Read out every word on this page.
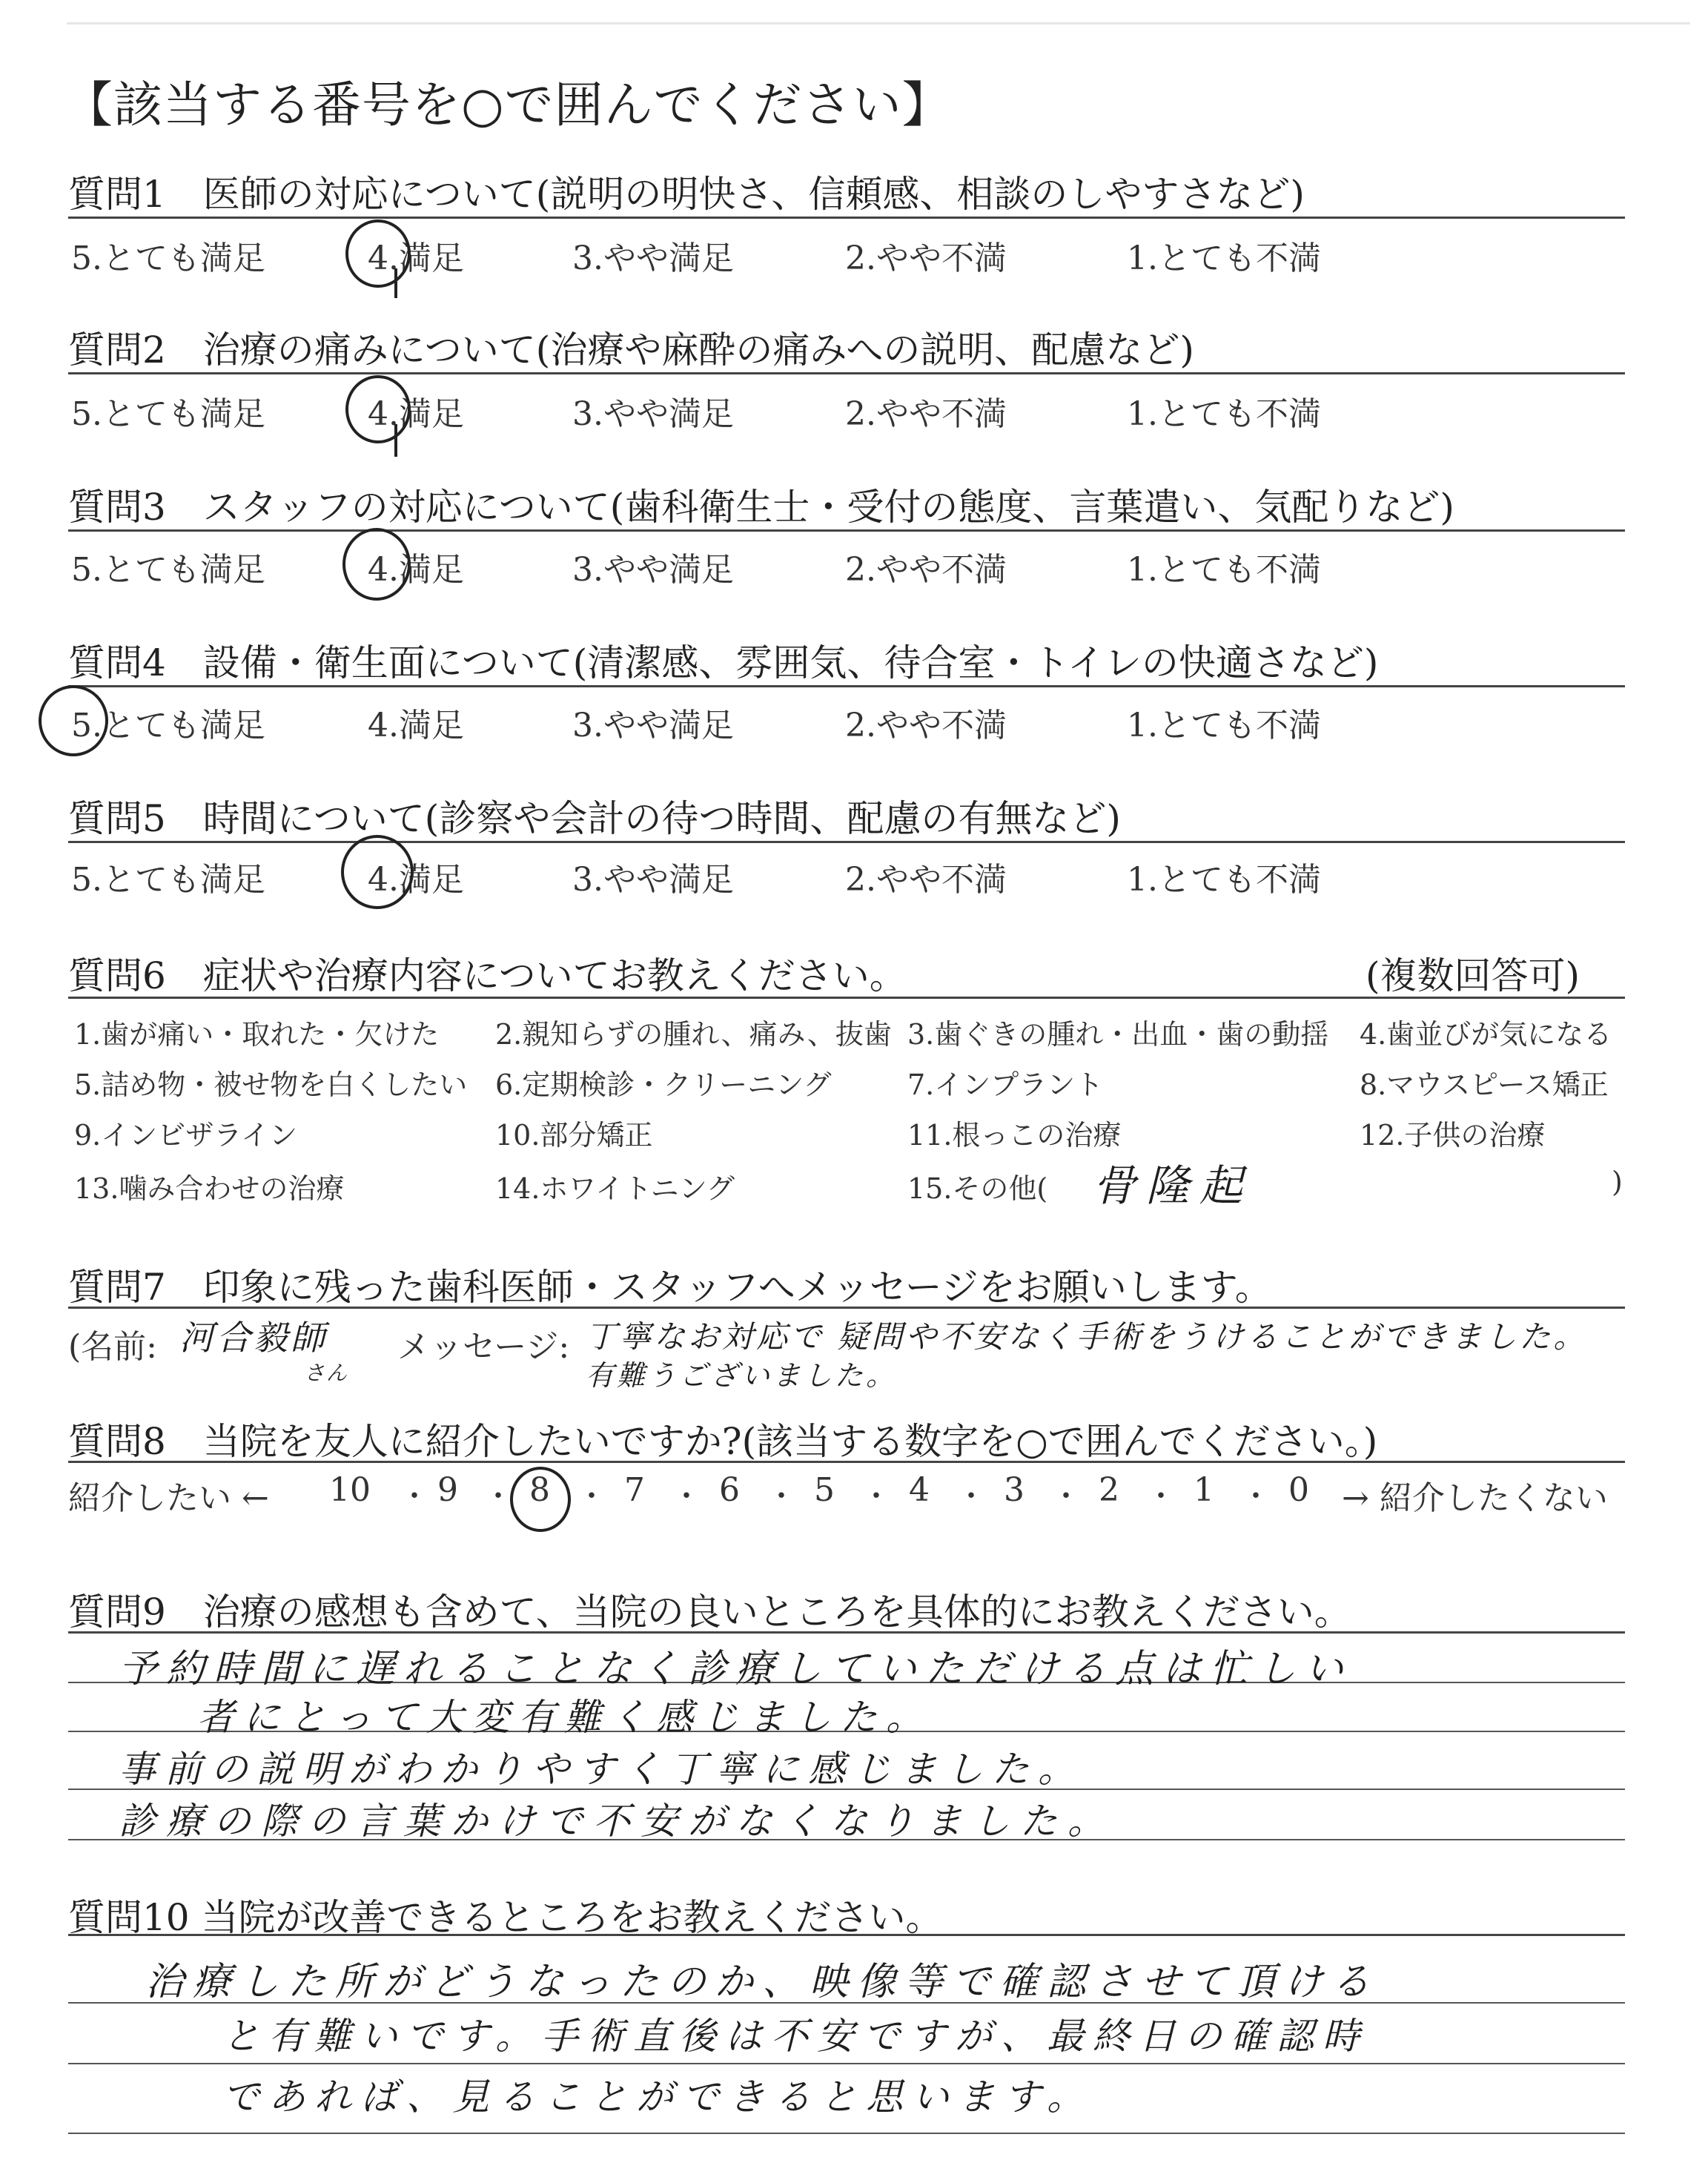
【該当する番号を○で囲んでください】
質問1　医師の対応について(説明の明快さ、信頼感、相談のしやすさなど)
5.とても満足	4.満足	3.やや満足	2.やや不満	1.とても不満
質問2　治療の痛みについて(治療や麻酔の痛みへの説明、配慮など)
5.とても満足	4.満足	3.やや満足	2.やや不満	1.とても不満
質問3　スタッフの対応について(歯科衛生士・受付の態度、言葉遣い、気配りなど)
5.とても満足	4.満足	3.やや満足	2.やや不満	1.とても不満
質問4　設備・衛生面について(清潔感、雰囲気、待合室・トイレの快適さなど)
5.とても満足	4.満足	3.やや満足	2.やや不満	1.とても不満
質問5　時間について(診察や会計の待つ時間、配慮の有無など)
5.とても満足	4.満足	3.やや満足	2.やや不満	1.とても不満
質問6　症状や治療内容についてお教えください。	(複数回答可)
1.歯が痛い・取れた・欠けた 2.親知らずの腫れ、痛み、抜歯 3.歯ぐきの腫れ・出血・歯の動揺 4.歯並びが気になる
5.詰め物・被せ物を白くしたい 6.定期検診・クリーニング	7.インプラント	8.マウスピース矯正
9.インビザライン	10.部分矯正	11.根っこの治療	12.子供の治療
13.噛み合わせの治療	14.ホワイトニング	15.その他( 骨隆起	)
質問7　印象に残った歯科医師・スタッフへメッセージをお願いします。
(名前: 河合毅師
さん
メッセージ: 丁寧なお対応で 疑問や不安なく手術をうけることができました。
有難うございました。
質問8　当院を友人に紹介したいですか?(該当する数字を○で囲んでください。)
紹介したい ← 10 ・ 9 ・ 8 ・ 7 ・ 6 ・ 5 ・ 4 ・ 3 ・ 2 ・ 1 ・ 0 → 紹介したくない
質問9　治療の感想も含めて、当院の良いところを具体的にお教えください。
予約時間に遅れることなく診療していただける点は忙しい
者にとって大変有難く感じました。
事前の説明がわかりやすく丁寧に感じました。
診療の際の言葉かけで不安がなくなりました。
質問10 当院が改善できるところをお教えください。
治療した所がどうなったのか、映像等で確認させて頂ける
と有難いです。手術直後は不安ですが、最終日の確認時
であれば、見ることができると思います。
